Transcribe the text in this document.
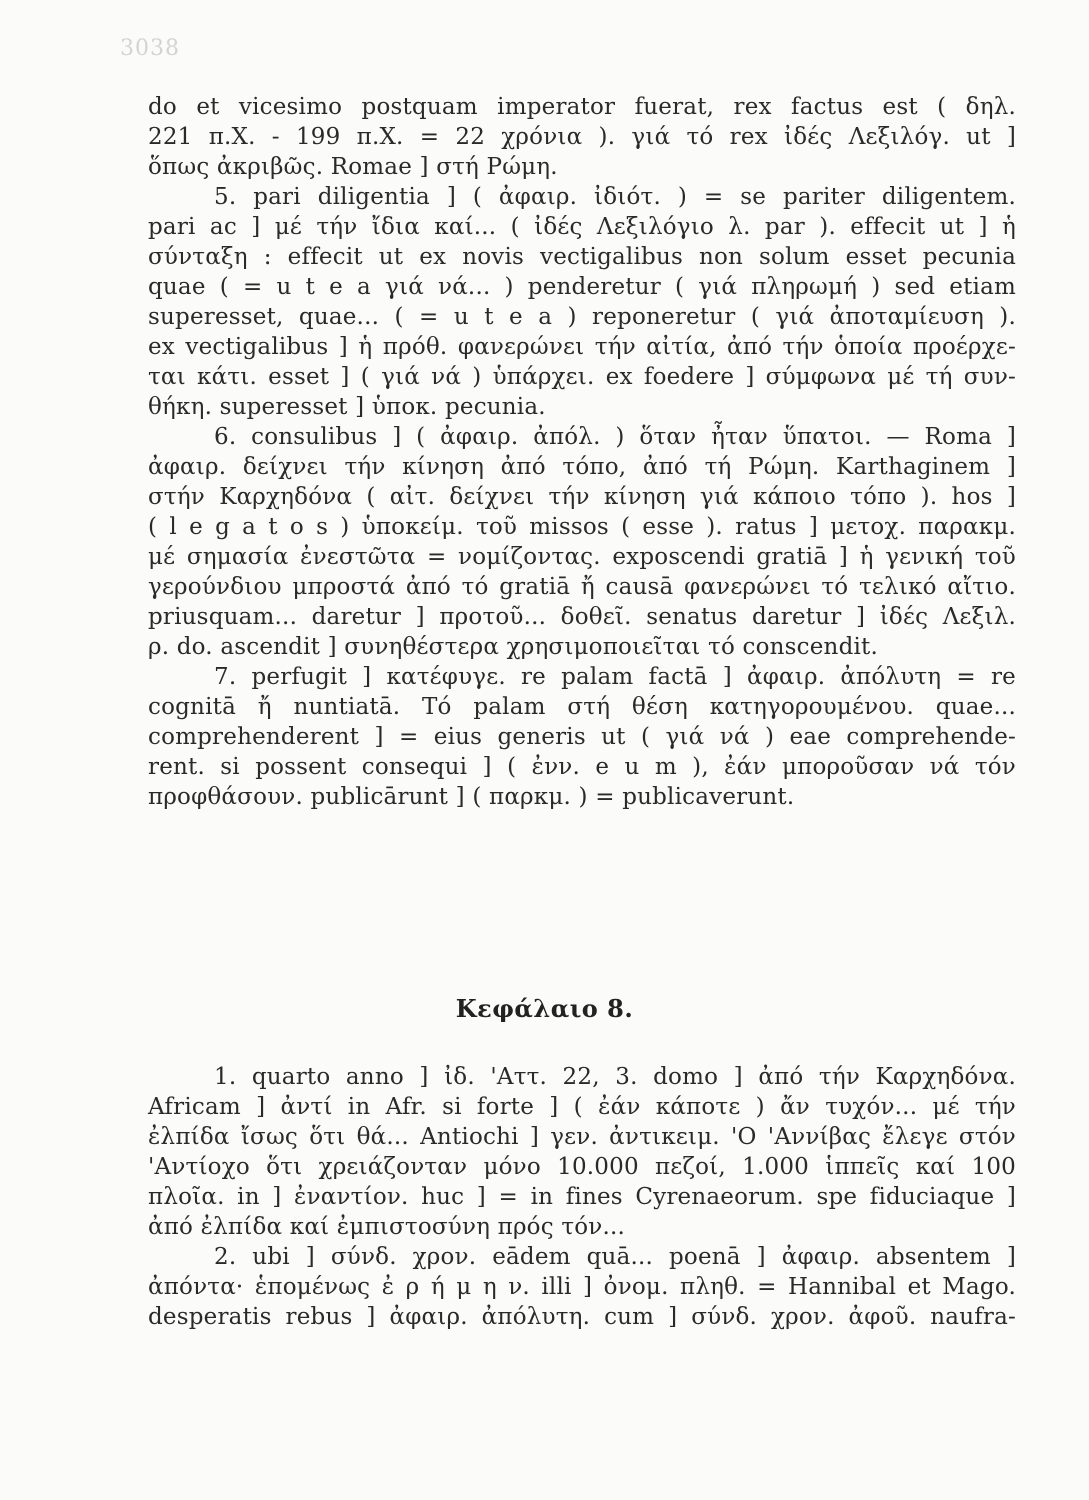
3038
do et vicesimo postquam imperator fuerat, rex factus est ( δηλ.
221 π.Χ. - 199 π.Χ. = 22 χρόνια ). γιά τό rex ἰδές Λεξιλόγ. ut ]
ὅπως ἀκριβῶς. Romae ] στή Ρώμη.
5. pari diligentia ] ( ἀφαιρ. ἰδιότ. ) = se pariter diligentem.
pari ac ] μέ τήν ἴδια καί... ( ἰδές Λεξιλόγιο λ. par ). effecit ut ] ἡ
σύνταξη : effecit ut ex novis vectigalibus non solum esset pecunia
quae ( = u t e a γιά νά... ) penderetur ( γιά πληρωμή ) sed etiam
superesset, quae... ( = u t e a ) reponeretur ( γιά ἀποταμίευση ).
ex vectigalibus ] ἡ πρόθ. φανερώνει τήν αἰτία, ἀπό τήν ὁποία προέρχε-
ται κάτι. esset ] ( γιά νά ) ὑπάρχει. ex foedere ] σύμφωνα μέ τή συν-
θήκη. superesset ] ὑποκ. pecunia.
6. consulibus ] ( ἀφαιρ. ἀπόλ. ) ὅταν ἦταν ὕπατοι. — Roma ]
ἀφαιρ. δείχνει τήν κίνηση ἀπό τόπο, ἀπό τή Ρώμη. Karthaginem ]
στήν Καρχηδόνα ( αἰτ. δείχνει τήν κίνηση γιά κάποιο τόπο ). hos ]
( l e g a t o s ) ὑποκείμ. τοῦ missos ( esse ). ratus ] μετοχ. παρακμ.
μέ σημασία ἐνεστῶτα = νομίζοντας. exposcendi gratiā ] ἡ γενική τοῦ
γερούνδιου μπροστά ἀπό τό gratiā ἤ causā φανερώνει τό τελικό αἴτιο.
priusquam... daretur ] προτοῦ... δοθεῖ. senatus daretur ] ἰδές Λεξιλ.
ρ. do. ascendit ] συνηθέστερα χρησιμοποιεῖται τό conscendit.
7. perfugit ] κατέφυγε. re palam factā ] ἀφαιρ. ἀπόλυτη = re
cognitā ἤ nuntiatā. Τό palam στή θέση κατηγορουμένου. quae...
comprehenderent ] = eius generis ut ( γιά νά ) eae comprehende-
rent. si possent consequi ] ( ἐνν. e u m ), ἐάν μποροῦσαν νά τόν
προφθάσουν. publicārunt ] ( παρκμ. ) = publicaverunt.
Κεφάλαιο 8.
1. quarto anno ] ἰδ. 'Αττ. 22, 3. domo ] ἀπό τήν Καρχηδόνα.
Africam ] ἀντί in Afr. si forte ] ( ἐάν κάποτε ) ἄν τυχόν... μέ τήν
ἐλπίδα ἴσως ὅτι θά... Antiochi ] γεν. ἀντικειμ. 'Ο 'Αννίβας ἔλεγε στόν
'Αντίοχο ὅτι χρειάζονταν μόνο 10.000 πεζοί, 1.000 ἱππεῖς καί 100
πλοῖα. in ] ἐναντίον. huc ] = in fines Cyrenaeorum. spe fiduciaque ]
ἀπό ἐλπίδα καί ἐμπιστοσύνη πρός τόν...
2. ubi ] σύνδ. χρον. eādem quā... poenā ] ἀφαιρ. absentem ]
ἀπόντα· ἑπομένως ἐ ρ ή μ η ν. illi ] ὀνομ. πληθ. = Hannibal et Mago.
desperatis rebus ] ἀφαιρ. ἀπόλυτη. cum ] σύνδ. χρον. ἀφοῦ. naufra-
